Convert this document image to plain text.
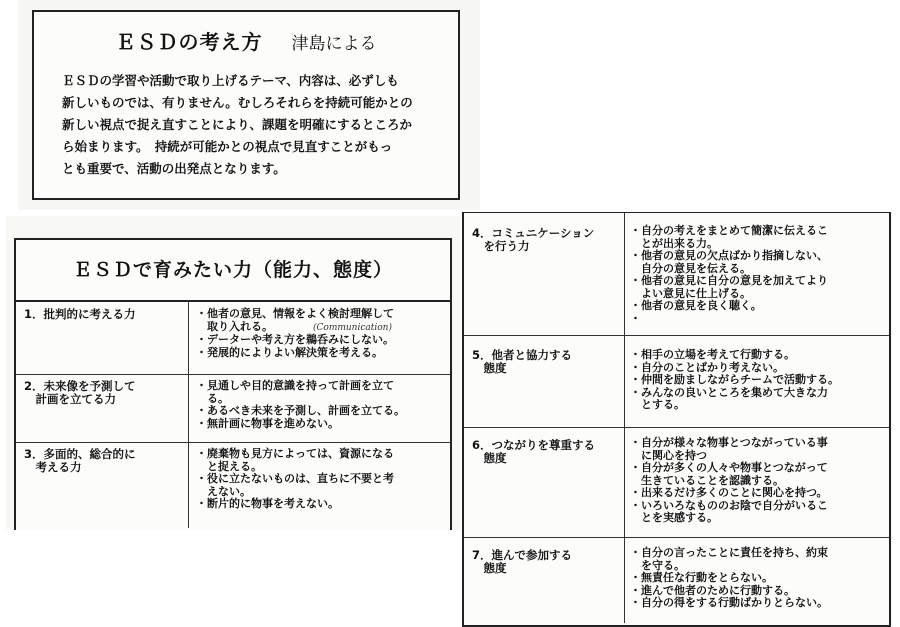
ＥＳＤの考え方 津島による

ＥＳＤの学習や活動で取り上げるテーマ、内容は、必ずしも

新しいものでは、有りません。むしろそれらを持続可能かとの

新しい視点で捉え直すことにより、課題を明確にするところか

ら始まります。　持続が可能かとの視点で見直すことがもっ

とも重要で、活動の出発点となります。

ＥＳＤで育みたい力（能力、態度）
1．批判的に考える力	・他者の意見、情報をよく検討理解して
　取り入れる。	(Communication)
・データーや考え方を鵜呑みにしない。
・発展的によりよい解決策を考える。
2．未来像を予測して
　計画を立てる力
・見通しや目的意識を持って計画を立て
　る。
・あるべき未来を予測し、計画を立てる。
・無計画に物事を進めない。
3．多面的、総合的に
　考える力
・廃棄物も見方によっては、資源になる
　と捉える。
・役に立たないものは、直ちに不要と考
　えない。
・断片的に物事を考えない。
4．コミュニケーション
　を行う力
・自分の考えをまとめて簡潔に伝えるこ
　とが出来る力。
・他者の意見の欠点ばかり指摘しない、
　自分の意見を伝える。
・他者の意見に自分の意見を加えてより
　よい意見に仕上げる。
・他者の意見を良く聴く。
・
5．他者と協力する
　態度
・相手の立場を考えて行動する。
・自分のことばかり考えない。
・仲間を励ましながらチームで活動する。
・みんなの良いところを集めて大きな力
　とする。
6．つながりを尊重する
　態度
・自分が様々な物事とつながっている事
　に関心を持つ
・自分が多くの人々や物事とつながって
　生きていることを認識する。
・出来るだけ多くのことに関心を持つ。
・いろいろなもののお陰で自分がいるこ
　とを実感する。
7．進んで参加する
　態度
・自分の言ったことに責任を持ち、約束
　を守る。
・無責任な行動をとらない。
・進んで他者のために行動する。
・自分の得をする行動ばかりとらない。
